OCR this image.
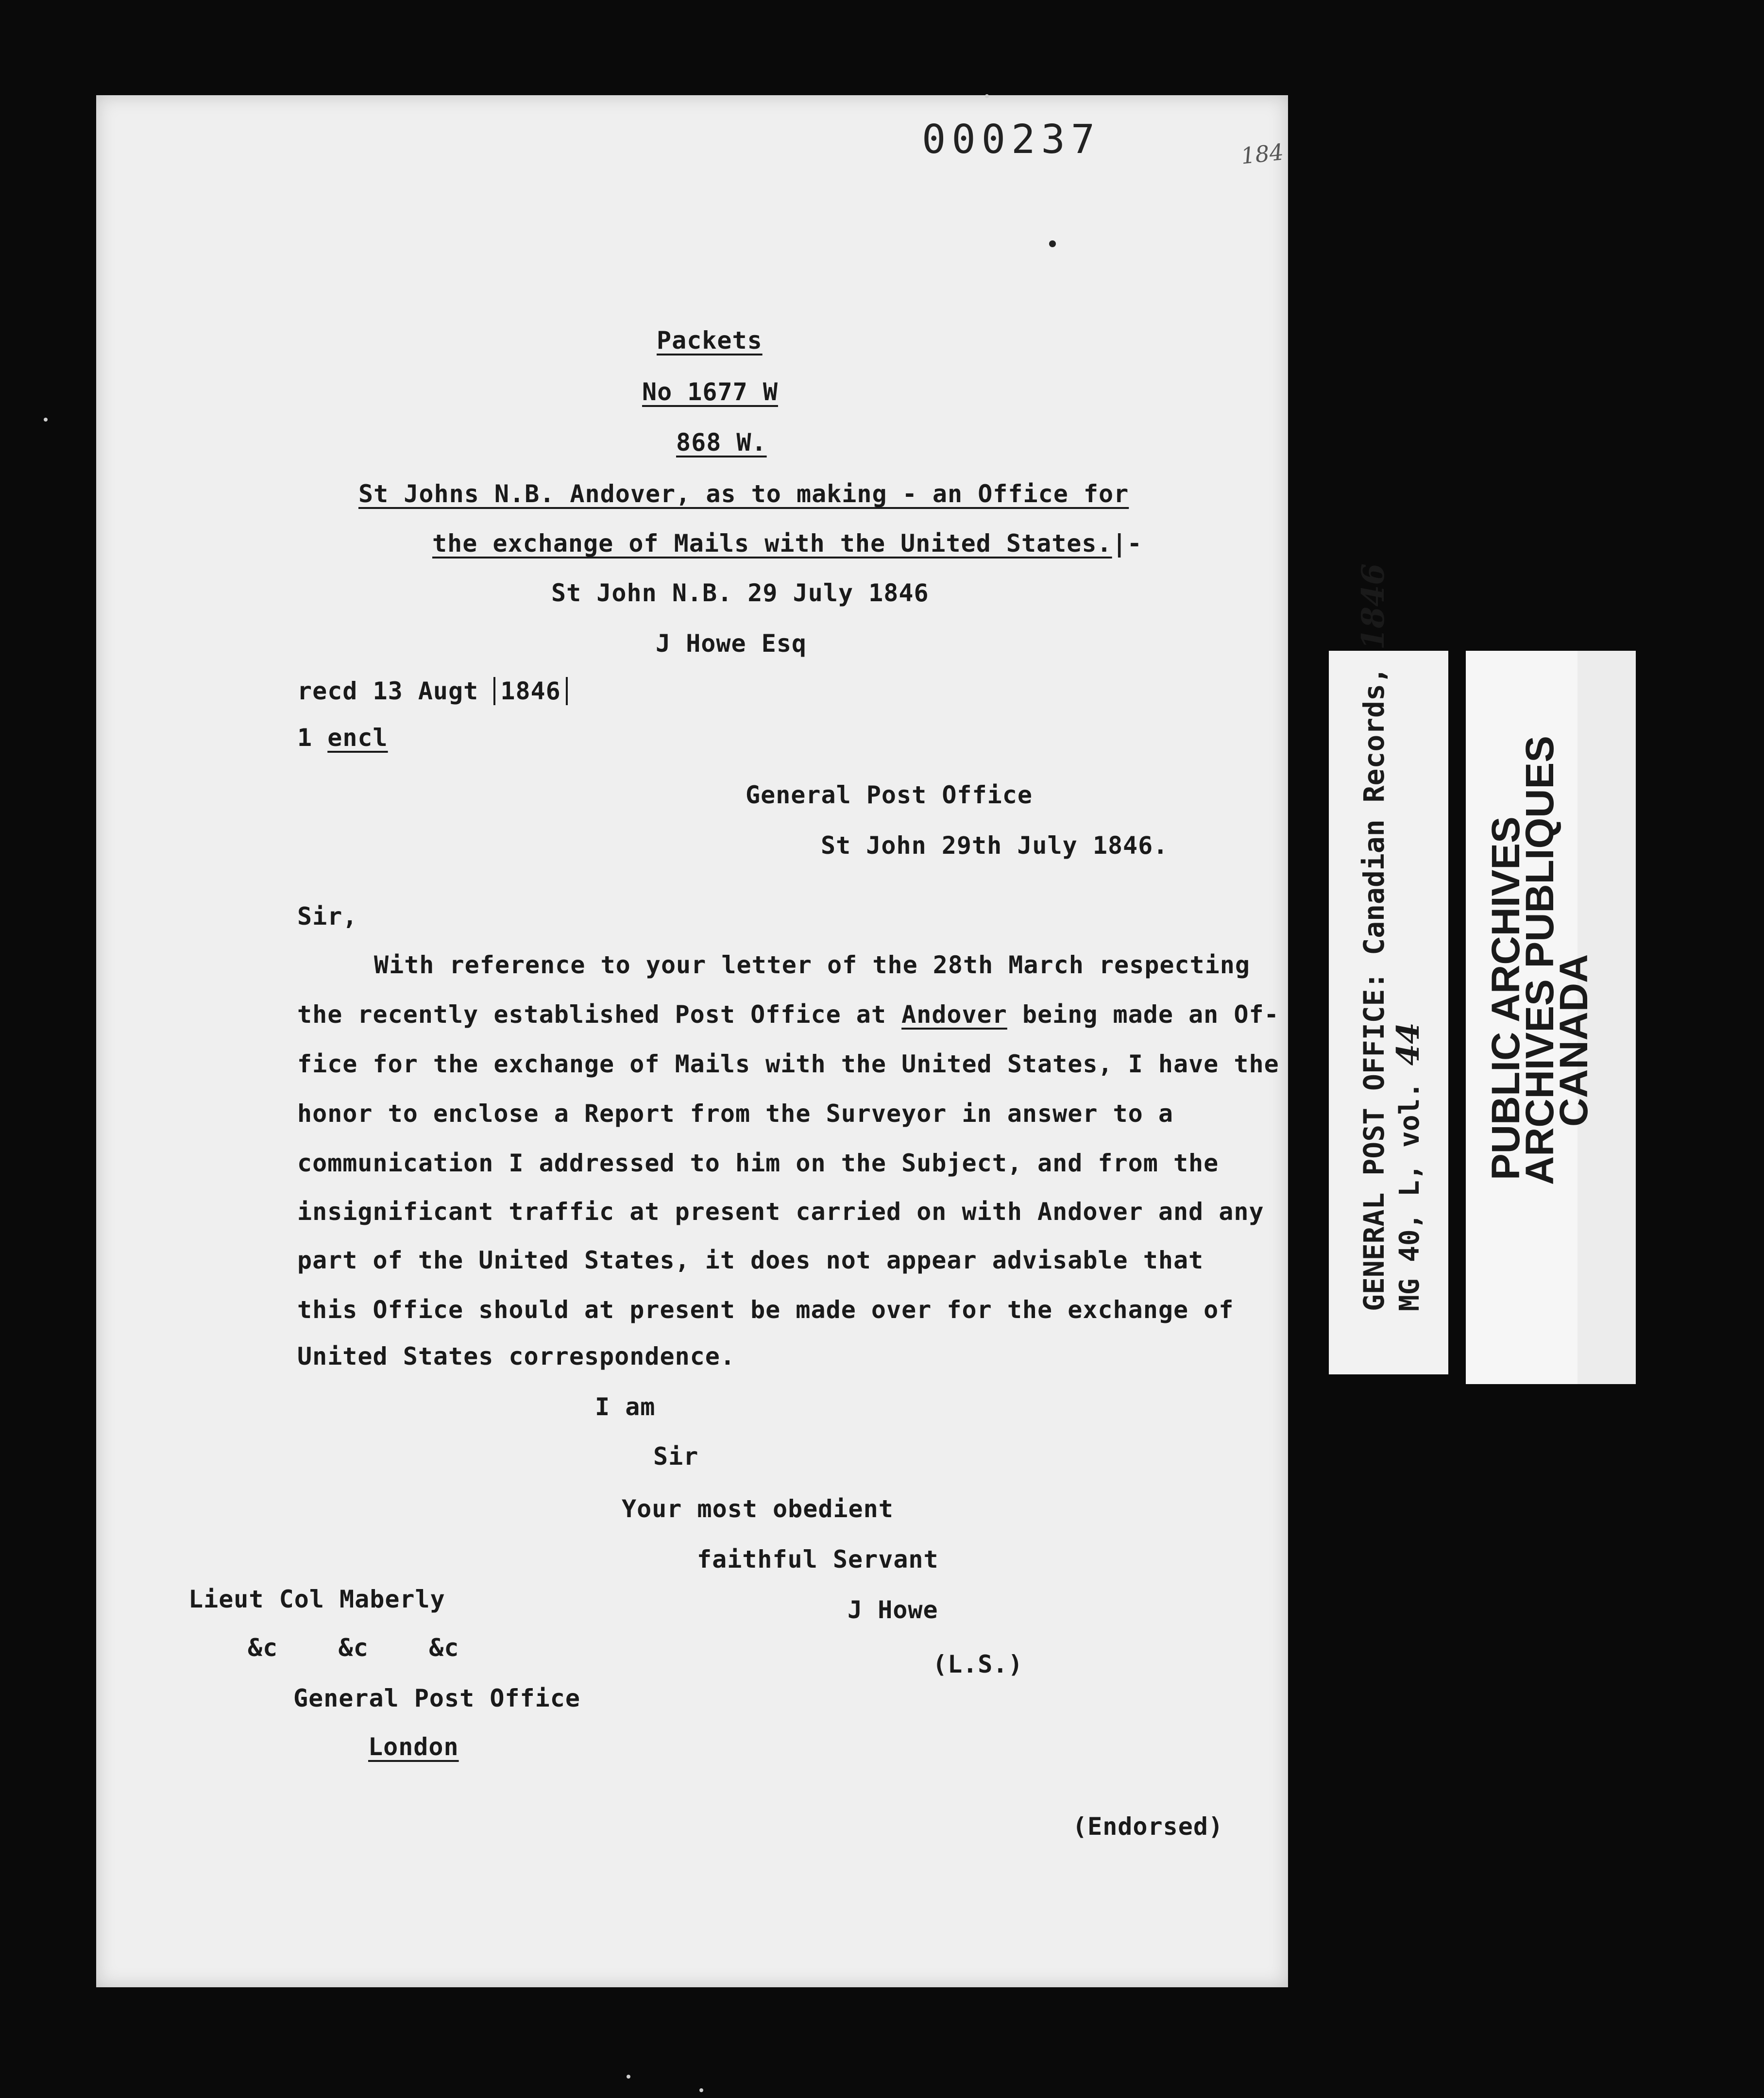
000237	184
Packets
No 1677 W
868 W.
St Johns N.B. Andover, as to making - an Office for
the exchange of Mails with the United States.|-
St John N.B. 29 July 1846
J Howe Esq
recd 13 Augt 1846
1 encl
General Post Office
St John 29th July 1846.
Sir,
With reference to your letter of the 28th March respecting
the recently established Post Office at Andover being made an Of-
fice for the exchange of Mails with the United States, I have the
honor to enclose a Report from the Surveyor in answer to a
communication I addressed to him on the Subject, and from the
insignificant traffic at present carried on with Andover and any
part of the United States, it does not appear advisable that
this Office should at present be made over for the exchange of
United States correspondence.
I am
Sir
Your most obedient
faithful Servant
J Howe
(L.S.)
Lieut Col Maberly
&c    &c    &c
General Post Office
London
(Endorsed)
GENERAL POST OFFICE: Canadian Records, 1846
MG 40, L, vol. 44 PUBLIC ARCHIVES
ARCHIVES PUBLIQUES
CANADA
